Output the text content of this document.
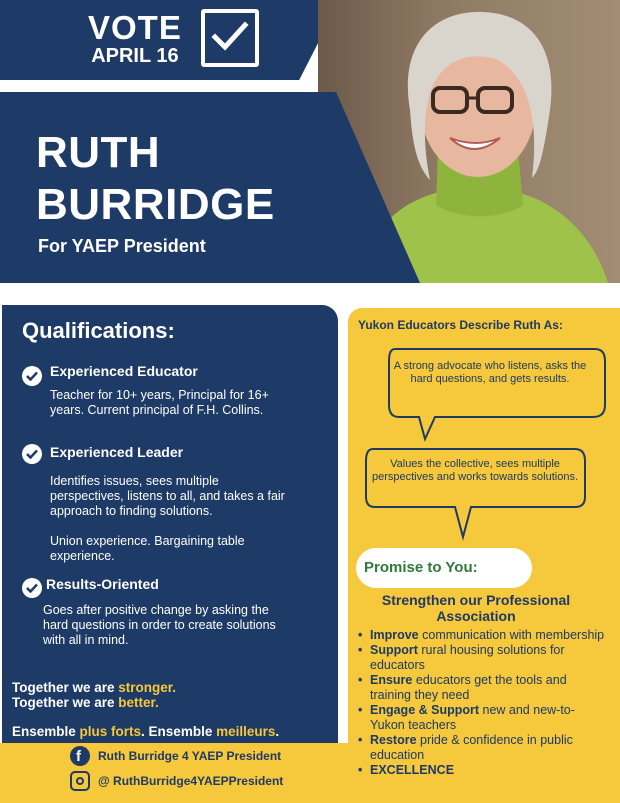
VOTE
APRIL 16
RUTH
BURRIDGE
For YAEP President
Qualifications:
Experienced Educator
Teacher for 10+ years, Principal for 16+ years. Current principal of F.H. Collins.
Experienced Leader
Identifies issues, sees multiple perspectives, listens to all, and takes a fair approach to finding solutions.
Union experience. Bargaining table experience.
Results-Oriented
Goes after positive change by asking the hard questions in order to create solutions with all in mind.
Together we are stronger.
Together we are better.
Ensemble plus forts. Ensemble meilleurs.
f Ruth Burridge 4 YAEP President
@ RuthBurridge4YAEPPresident
Yukon Educators Describe Ruth As:
A strong advocate who listens, asks the hard questions, and gets results.
Values the collective, sees multiple perspectives and works towards solutions.
Promise to You:
Strengthen our Professional Association
• Improve communication with membership
• Support rural housing solutions for educators
• Ensure educators get the tools and training they need
• Engage & Support new and new-to-Yukon teachers
• Restore pride & confidence in public education
• EXCELLENCE
